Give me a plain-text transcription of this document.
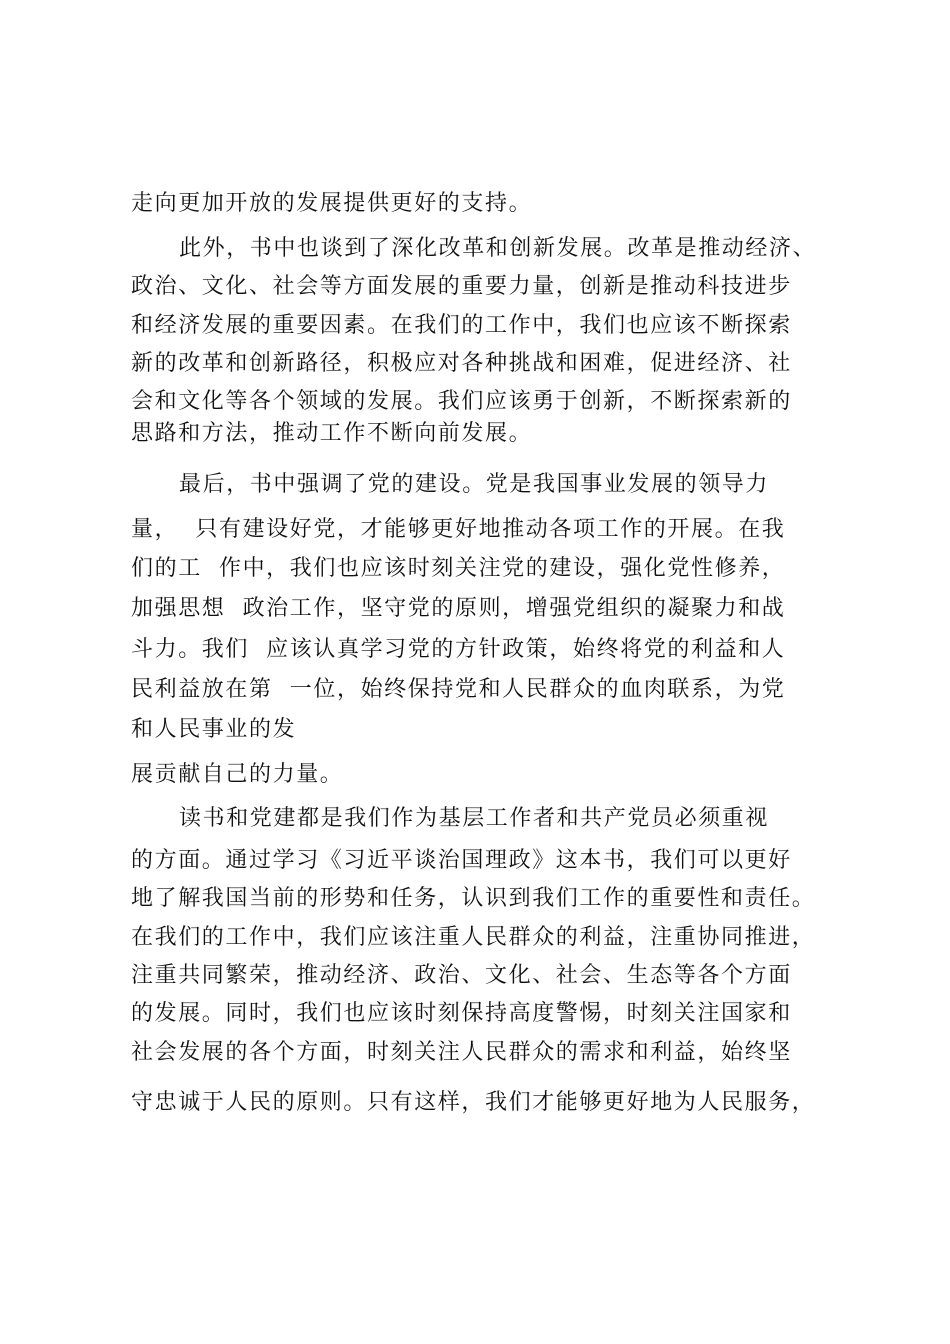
走向更加开放的发展提供更好的支持。

此外，书中也谈到了深化改革和创新发展。改革是推动经济、

政治、文化、社会等方面发展的重要力量，创新是推动科技进步

和经济发展的重要因素。在我们的工作中，我们也应该不断探索

新的改革和创新路径，积极应对各种挑战和困难，促进经济、社

会和文化等各个领域的发展。我们应该勇于创新，不断探索新的

思路和方法，推动工作不断向前发展。

最后，书中强调了党的建设。党是我国事业发展的领导力

量，  只有建设好党，才能够更好地推动各项工作的开展。在我

们的工  作中，我们也应该时刻关注党的建设，强化党性修养，

加强思想  政治工作，坚守党的原则，增强党组织的凝聚力和战

斗力。我们  应该认真学习党的方针政策，始终将党的利益和人

民利益放在第  一位，始终保持党和人民群众的血肉联系，为党

和人民事业的发

展贡献自己的力量。

读书和党建都是我们作为基层工作者和共产党员必须重视

的方面。通过学习《习近平谈治国理政》这本书，我们可以更好

地了解我国当前的形势和任务，认识到我们工作的重要性和责任。

在我们的工作中，我们应该注重人民群众的利益，注重协同推进，

注重共同繁荣，推动经济、政治、文化、社会、生态等各个方面

的发展。同时，我们也应该时刻保持高度警惕，时刻关注国家和

社会发展的各个方面，时刻关注人民群众的需求和利益，始终坚

守忠诚于人民的原则。只有这样，我们才能够更好地为人民服务，
